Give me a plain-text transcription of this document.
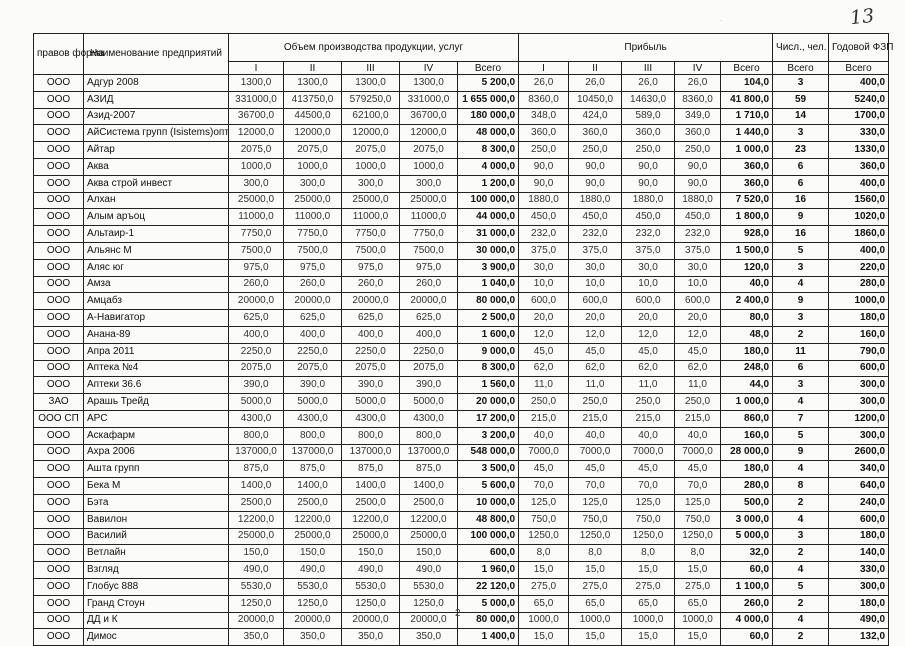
13
˙
правов форма	Наименование предприятий	Объем производства продукции, услуг					Прибыль					Числ., чел.	Годовой ФЗП
		I	II	III	IV	Всего	I	II	III	IV	Всего	Всего	Всего
ООО	Адгур 2008	1300,0	1300,0	1300,0	1300,0	5 200,0	26,0	26,0	26,0	26,0	104,0	3	400,0
ООО	АЗИД	331000,0	413750,0	579250,0	331000,0	1 655 000,0	8360,0	10450,0	14630,0	8360,0	41 800,0	59	5240,0
ООО	Азид-2007	36700,0	44500,0	62100,0	36700,0	180 000,0	348,0	424,0	589,0	349,0	1 710,0	14	1700,0
ООО	АйСистема групп (Isistems)опт	12000,0	12000,0	12000,0	12000,0	48 000,0	360,0	360,0	360,0	360,0	1 440,0	3	330,0
ООО	Айтар	2075,0	2075,0	2075,0	2075,0	8 300,0	250,0	250,0	250,0	250,0	1 000,0	23	1330,0
ООО	Аква	1000,0	1000,0	1000,0	1000,0	4 000,0	90,0	90,0	90,0	90,0	360,0	6	360,0
ООО	Аква строй инвест	300,0	300,0	300,0	300,0	1 200,0	90,0	90,0	90,0	90,0	360,0	6	400,0
ООО	Алхан	25000,0	25000,0	25000,0	25000,0	100 000,0	1880,0	1880,0	1880,0	1880,0	7 520,0	16	1560,0
ООО	Алым аръоц	11000,0	11000,0	11000,0	11000,0	44 000,0	450,0	450,0	450,0	450,0	1 800,0	9	1020,0
ООО	Альтаир-1	7750,0	7750,0	7750,0	7750,0	31 000,0	232,0	232,0	232,0	232,0	928,0	16	1860,0
ООО	Альянс М	7500,0	7500,0	7500,0	7500,0	30 000,0	375,0	375,0	375,0	375,0	1 500,0	5	400,0
ООО	Аляс юг	975,0	975,0	975,0	975,0	3 900,0	30,0	30,0	30,0	30,0	120,0	3	220,0
ООО	Амза	260,0	260,0	260,0	260,0	1 040,0	10,0	10,0	10,0	10,0	40,0	4	280,0
ООО	Амцабз	20000,0	20000,0	20000,0	20000,0	80 000,0	600,0	600,0	600,0	600,0	2 400,0	9	1000,0
ООО	А-Навигатор	625,0	625,0	625,0	625,0	2 500,0	20,0	20,0	20,0	20,0	80,0	3	180,0
ООО	Анана-89	400,0	400,0	400,0	400,0	1 600,0	12,0	12,0	12,0	12,0	48,0	2	160,0
ООО	Апра 2011	2250,0	2250,0	2250,0	2250,0	9 000,0	45,0	45,0	45,0	45,0	180,0	11	790,0
ООО	Аптека №4	2075,0	2075,0	2075,0	2075,0	8 300,0	62,0	62,0	62,0	62,0	248,0	6	600,0
ООО	Аптеки 36.6	390,0	390,0	390,0	390,0	1 560,0	11,0	11,0	11,0	11,0	44,0	3	300,0
ЗАО	Арашь Трейд	5000,0	5000,0	5000,0	5000,0	20 000,0	250,0	250,0	250,0	250,0	1 000,0	4	300,0
ООО СП	АРС	4300,0	4300,0	4300,0	4300,0	17 200,0	215,0	215,0	215,0	215,0	860,0	7	1200,0
ООО	Аскафарм	800,0	800,0	800,0	800,0	3 200,0	40,0	40,0	40,0	40,0	160,0	5	300,0
ООО	Ахра 2006	137000,0	137000,0	137000,0	137000,0	548 000,0	7000,0	7000,0	7000,0	7000,0	28 000,0	9	2600,0
ООО	Ашта групп	875,0	875,0	875,0	875,0	3 500,0	45,0	45,0	45,0	45,0	180,0	4	340,0
ООО	Бека М	1400,0	1400,0	1400,0	1400,0	5 600,0	70,0	70,0	70,0	70,0	280,0	8	640,0
ООО	Бэта	2500,0	2500,0	2500,0	2500,0	10 000,0	125,0	125,0	125,0	125,0	500,0	2	240,0
ООО	Вавилон	12200,0	12200,0	12200,0	12200,0	48 800,0	750,0	750,0	750,0	750,0	3 000,0	4	600,0
ООО	Василий	25000,0	25000,0	25000,0	25000,0	100 000,0	1250,0	1250,0	1250,0	1250,0	5 000,0	3	180,0
ООО	Ветлайн	150,0	150,0	150,0	150,0	600,0	8,0	8,0	8,0	8,0	32,0	2	140,0
ООО	Взгляд	490,0	490,0	490,0	490,0	1 960,0	15,0	15,0	15,0	15,0	60,0	4	330,0
ООО	Глобус 888	5530,0	5530,0	5530,0	5530,0	22 120,0	275,0	275,0	275,0	275,0	1 100,0	5	300,0
ООО	Гранд Стоун	1250,0	1250,0	1250,0	1250,0	5 000,0	65,0	65,0	65,0	65,0	260,0	2	180,0
ООО	ДД и К	20000,0	20000,0	20000,0	20000,0	80 000,0	1000,0	1000,0	1000,0	1000,0	4 000,0	4	490,0
ООО	Димос	350,0	350,0	350,0	350,0	1 400,0	15,0	15,0	15,0	15,0	60,0	2	132,0
2
